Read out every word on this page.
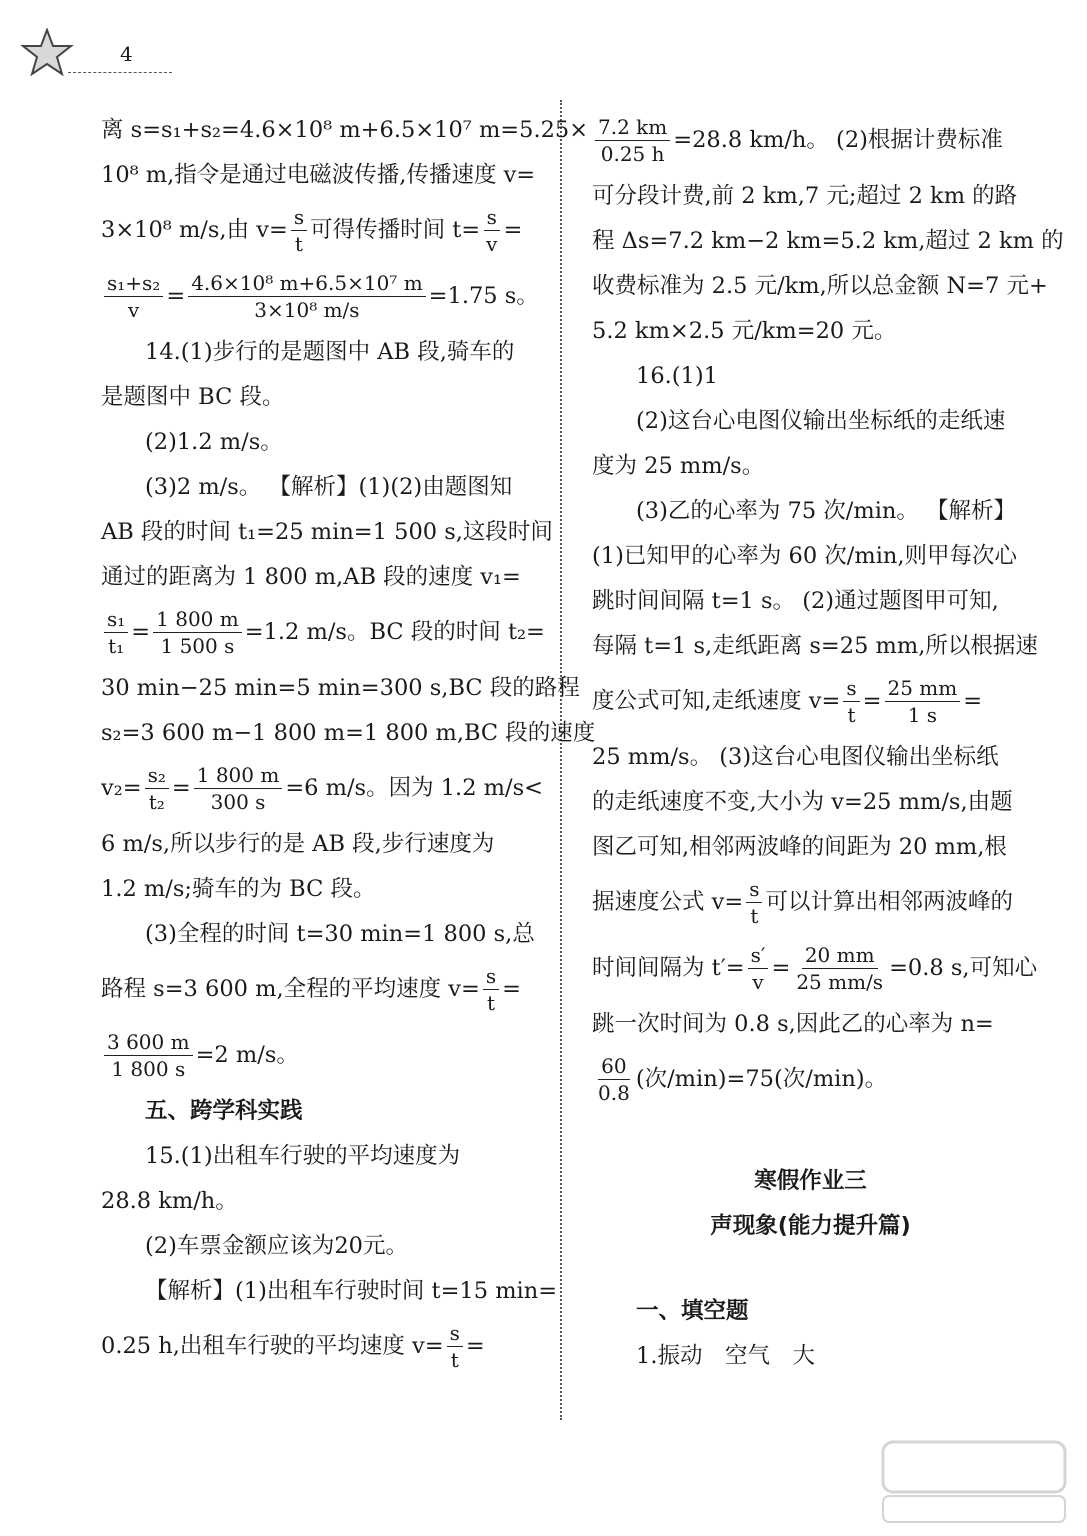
4

离 s=s₁+s₂=4.6×10⁸ m+6.5×10⁷ m=5.25×

10⁸ m,指令是通过电磁波传播,传播速度 v=

3×10⁸ m/s,由 $v= \frac{s}{t}$ 可得传播时间 $t= \frac{s}{v}$ =
$\frac{\text{s₁+s₂}}{v} = \frac{\text{4.6×10⁸ m+6.5×10⁷ m}}{\text{3×10⁸ m/s}} =1.75$ s。

14.(1)步行的是题图中 AB 段,骑车的

是题图中 BC 段。

(2)1.2 m/s。

(3)2 m/s。 【解析】(1)(2)由题图知

AB 段的时间 t₁=25 min=1 500 s,这段时间

通过的距离为 1 800 m,AB 段的速度 v₁=

$\frac{\text{s₁}}{\text{t₁}} = \frac{1 800 m}{1 500 s} =1.2$ m/s。BC 段的时间 t₂=

30 min−25 min=5 min=300 s,BC 段的路程

s₂=3 600 m−1 800 m=1 800 m,BC 段的速度

$v_2= \frac{\text{s₂}}{\text{t₂}} = \frac{1 800 m}{300 s} =6$ m/s。因为 1.2 m/s<

6 m/s,所以步行的是 AB 段,步行速度为

1.2 m/s;骑车的为 BC 段。

(3)全程的时间 t=30 min=1 800 s,总

路程 s=3 600 m,全程的平均速度 $v= \frac{s}{t}$ =
$\frac{3 600 m}{1 800 s} =2$ m/s。

五、跨学科实践

15.(1)出租车行驶的平均速度为

28.8 km/h。

(2)车票金额应该为20元。

【解析】(1)出租车行驶时间 t=15 min=

0.25 h,出租车行驶的平均速度 $v= \frac{s}{t}$ =
$\frac{7.2 km}{0.25 h} =28.8$ km/h。 (2)根据计费标准

可分段计费,前 2 km,7 元;超过 2 km 的路

程 Δs=7.2 km−2 km=5.2 km,超过 2 km 的

收费标准为 2.5 元/km,所以总金额 N=7 元+

5.2 km×2.5 元/km=20 元。

16.(1)1

(2)这台心电图仪输出坐标纸的走纸速

度为 25 mm/s。

(3)乙的心率为 75 次/min。 【解析】

(1)已知甲的心率为 60 次/min,则甲每次心

跳时间间隔 t=1 s。 (2)通过题图甲可知,

每隔 t=1 s,走纸距离 s=25 mm,所以根据速

度公式可知,走纸速度 $v= \frac{s}{t} = \frac{25 mm}{1 s}$ =

25 mm/s。 (3)这台心电图仪输出坐标纸

的走纸速度不变,大小为 v=25 mm/s,由题

图乙可知,相邻两波峰的间距为 20 mm,根

据速度公式 $v= \frac{s}{t}$ 可以计算出相邻两波峰的
时间间隔为 $t'= \frac{s'}{v} = \frac{20 mm}{25 mm/s} =0.8$ s,可知心

跳一次时间为 0.8 s,因此乙的心率为 n=

$\frac{60}{0.8}$ (次/min)=75(次/min)。

寒假作业三

声现象(能力提升篇)

一、填空题

1.振动　空气　大
